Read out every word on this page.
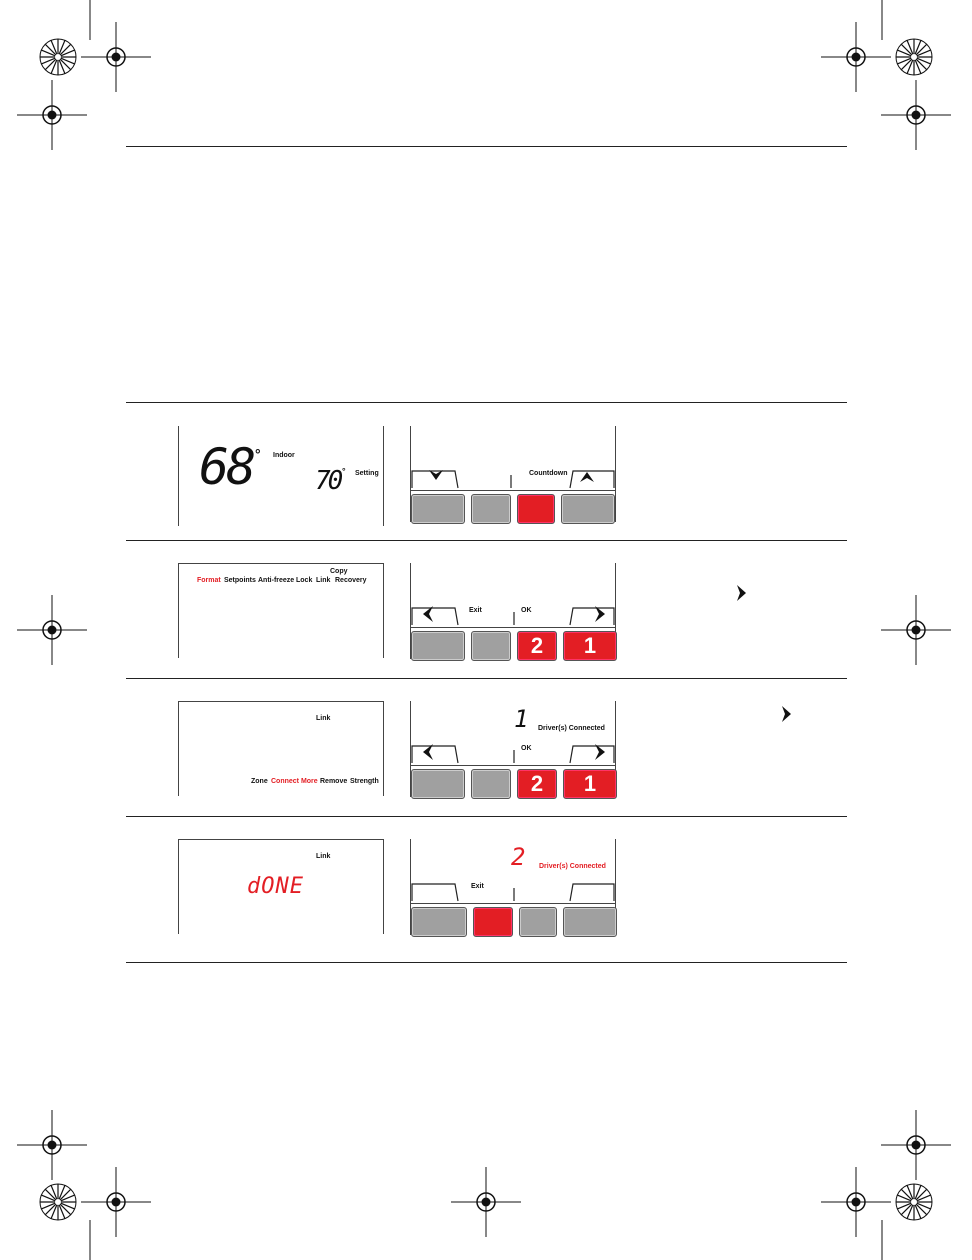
68 ° Indoor
70 ° Setting	Countdown
Copy
Format Setpoints Anti-freeze Lock Link Recovery
Exit	OK
2	1
Link
Zone Connect More Remove Strength
1 Driver(s) Connected
OK
2	1
Link
dONE
2 Driver(s) Connected
Exit
